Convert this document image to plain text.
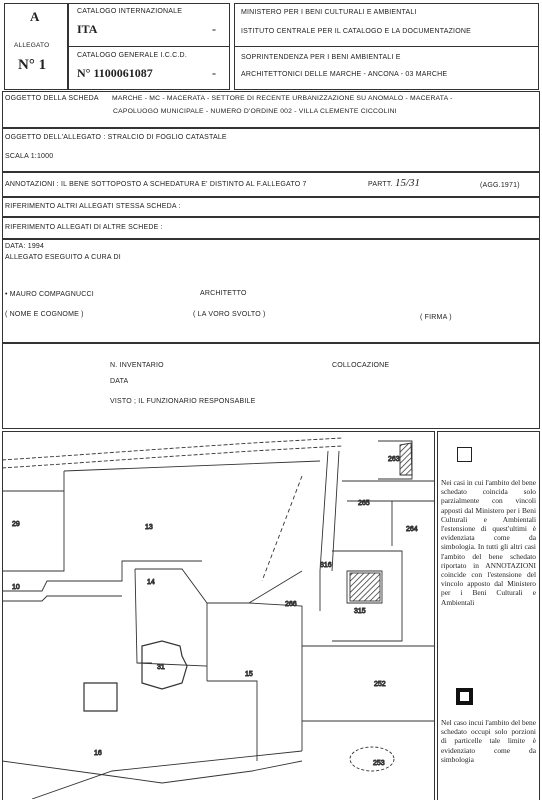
A
ALLEGATO
N° 1
CATALOGO INTERNAZIONALE
ITA	-
CATALOGO GENERALE I.C.C.D.
N° 1100061087	-
MINISTERO PER I BENI CULTURALI E AMBIENTALI
ISTITUTO CENTRALE PER IL CATALOGO E LA DOCUMENTAZIONE
SOPRINTENDENZA PER I BENI AMBIENTALI E
ARCHITETTONICI DELLE MARCHE - ANCONA - 03 MARCHE
OGGETTO DELLA SCHEDA MARCHE - MC - MACERATA - SETTORE DI RECENTE URBANIZZAZIONE SU ANOMALO - MACERATA -
CAPOLUOGO MUNICIPALE - NUMERO D'ORDINE 002 - VILLA CLEMENTE CICCOLINI
OGGETTO DELL'ALLEGATO : STRALCIO DI FOGLIO CATASTALE
SCALA 1:1000
ANNOTAZIONI : IL BENE SOTTOPOSTO A SCHEDATURA E' DISTINTO AL F.ALLEGATO 7	PARTT. 15/31	(AGG.1971)
RIFERIMENTO ALTRI ALLEGATI STESSA SCHEDA :
RIFERIMENTO ALLEGATI DI ALTRE SCHEDE :
DATA: 1994
ALLEGATO ESEGUITO A CURA DI
• MAURO COMPAGNUCCI	ARCHITETTO
( NOME E COGNOME )	( LA VORO SVOLTO )	( FIRMA )
N. INVENTARIO	COLLOCAZIONE
DATA
VISTO ; IL FUNZIONARIO RESPONSABILE
263
265
264
29	13
316
10
14
266
315
31
15
252
16
253
Nei casi in cui l'ambito del bene schedato coincida solo parzialmente con vincoli apposti dal Ministero per i Beni Culturali e Ambientali l'estensione di quest'ultimi è evidenziata come da simbologia. In tutti gli altri casi l'ambito del bene schedato riportato in ANNOTAZIONI coincide con l'estensione del vincolo apposto dal Ministero per i Beni Culturali e Ambientali
Nel caso incui l'ambito del bene schedato occupi solo porzioni di particelle tale limite è evidenziato come da simbologia
